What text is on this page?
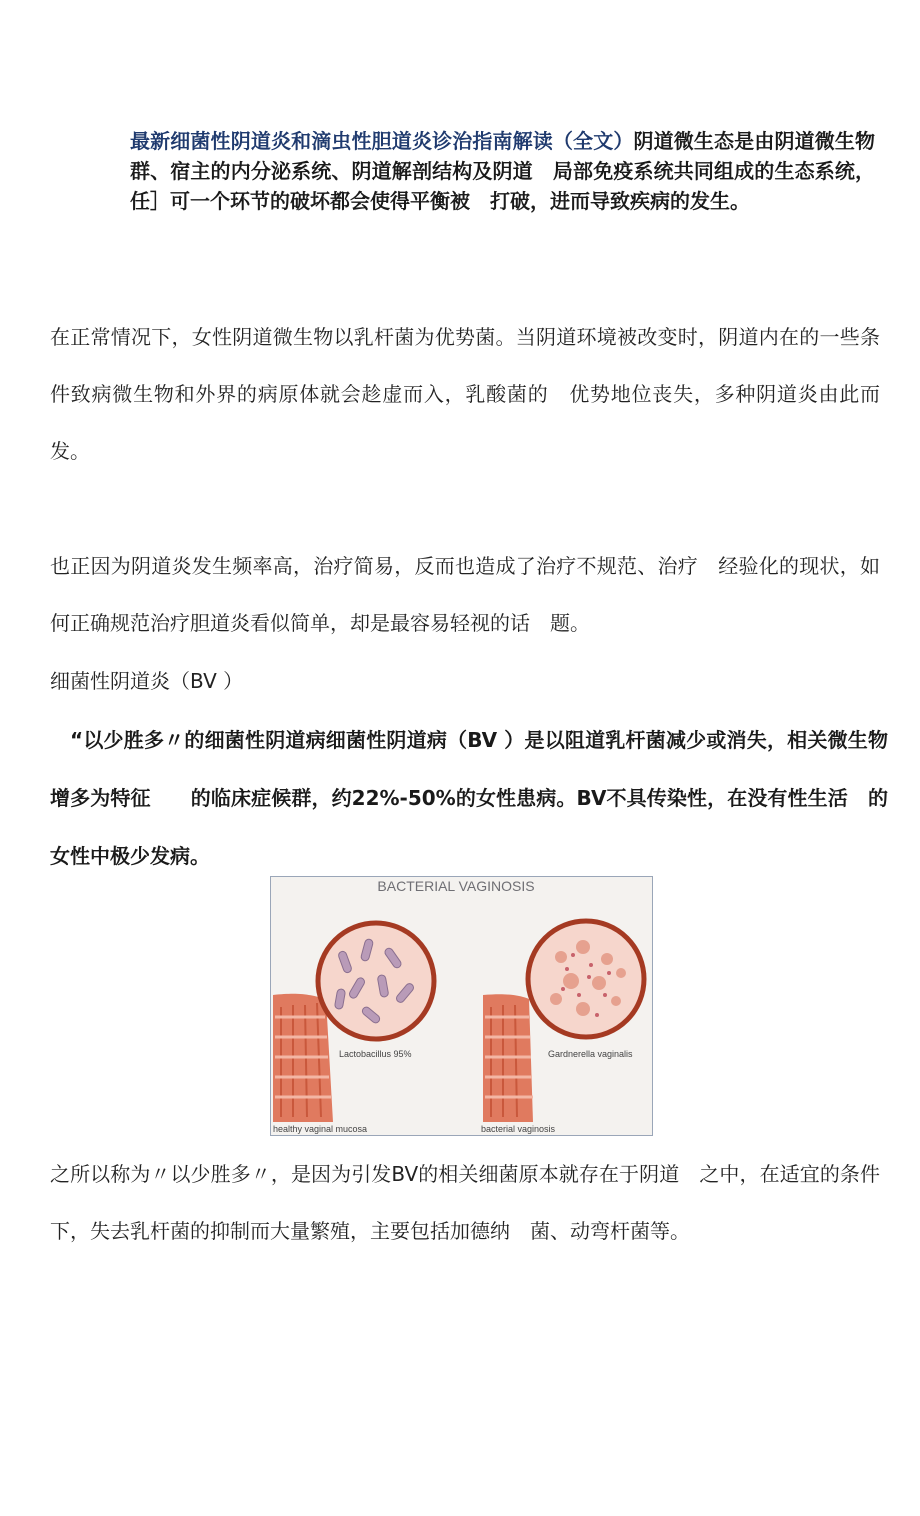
最新细菌性阴道炎和滴虫性胆道炎诊治指南解读（全文）阴道微生态是由阴道微生物群、宿主的内分泌系统、阴道解剖结构及阴道　局部免疫系统共同组成的生态系统，任］可一个环节的破坏都会使得平衡被　打破，进而导致疾病的发生。
在正常情况下，女性阴道微生物以乳杆菌为优势菌。当阴道环境被改变时，阴道内在的一些条件致病微生物和外界的病原体就会趁虚而入，乳酸菌的　优势地位丧失，多种阴道炎由此而发。
也正因为阴道炎发生频率高，治疗简易，反而也造成了治疗不规范、治疗　经验化的现状，如何正确规范治疗胆道炎看似简单，却是最容易轻视的话　题。
细菌性阴道炎（BV ）
“以少胜多〃的细菌性阴道病细菌性阴道病（BV ）是以阻道乳杆菌减少或消失，相关微生物增多为特征　　的临床症候群，约22%-50%的女性患病。BV不具传染性，在没有性生活　的女性中极少发病。
BACTERIAL VAGINOSIS
Lactobacillus 95%	Gardnerella vaginalis
healthy vaginal mucosa	bacterial vaginosis
之所以称为〃以少胜多〃，是因为引发BV的相关细菌原本就存在于阴道　之中，在适宜的条件下，失去乳杆菌的抑制而大量繁殖，主要包括加德纳　菌、动弯杆菌等。
